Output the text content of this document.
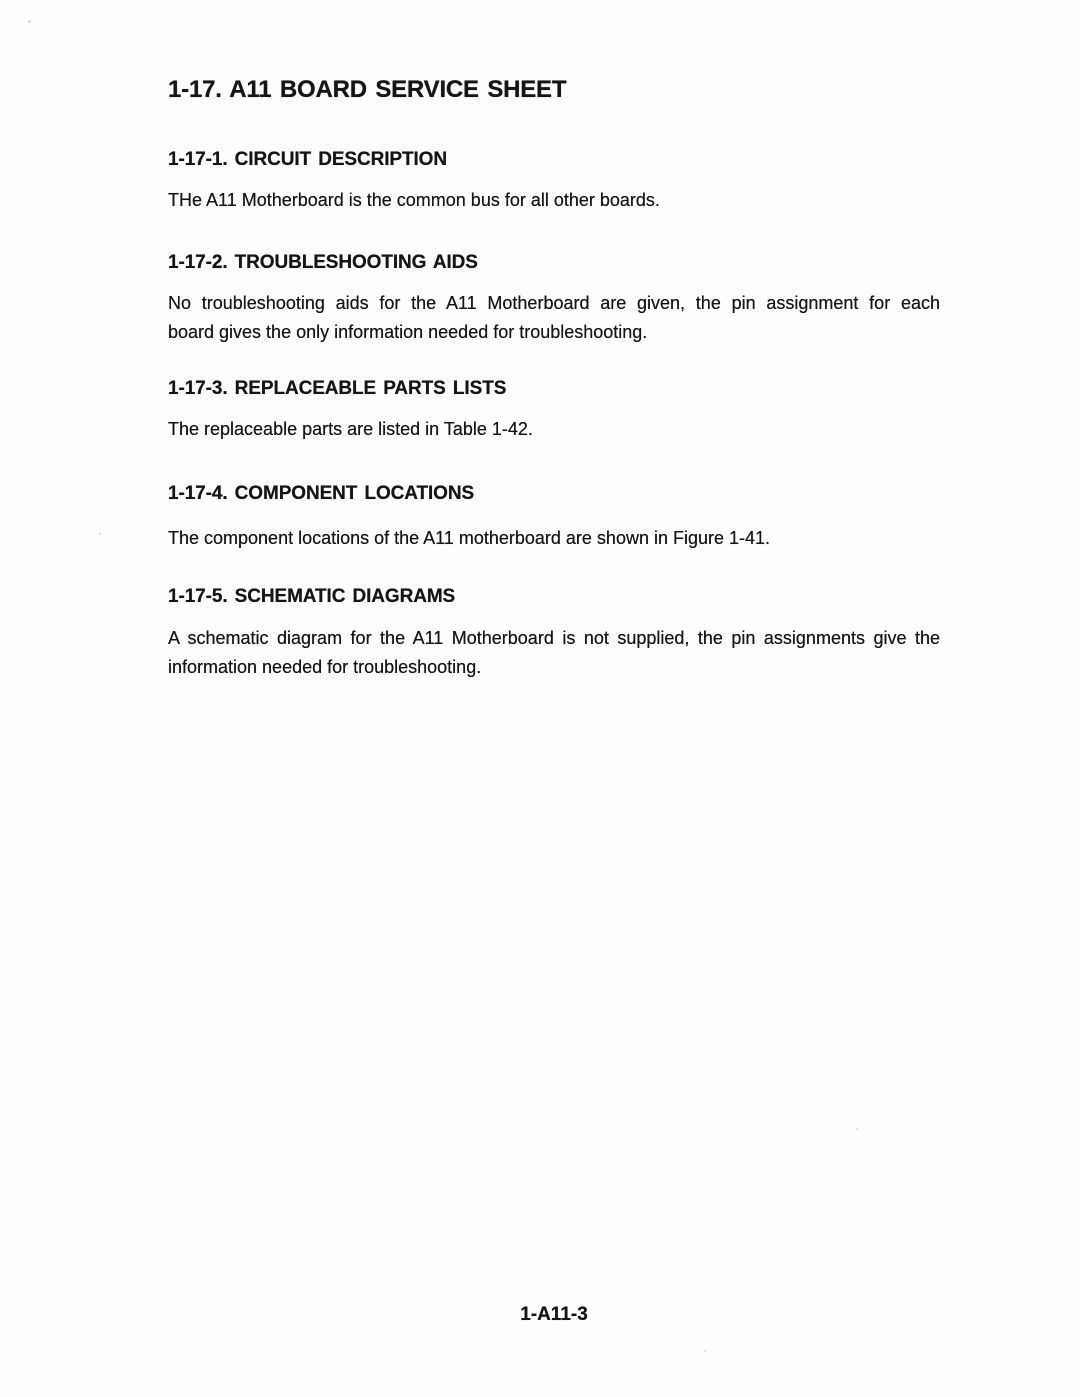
1-17. A11 BOARD SERVICE SHEET
1-17-1. CIRCUIT DESCRIPTION

THe A11 Motherboard is the common bus for all other boards.

1-17-2. TROUBLESHOOTING AIDS

No troubleshooting aids for the A11 Motherboard are given, the pin assignment for each
board gives the only information needed for troubleshooting.

1-17-3. REPLACEABLE PARTS LISTS

The replaceable parts are listed in Table 1-42.

1-17-4. COMPONENT LOCATIONS

The component locations of the A11 motherboard are shown in Figure 1-41.

1-17-5. SCHEMATIC DIAGRAMS

A schematic diagram for the A11 Motherboard is not supplied, the pin assignments give the
information needed for troubleshooting.

1-A11-3
